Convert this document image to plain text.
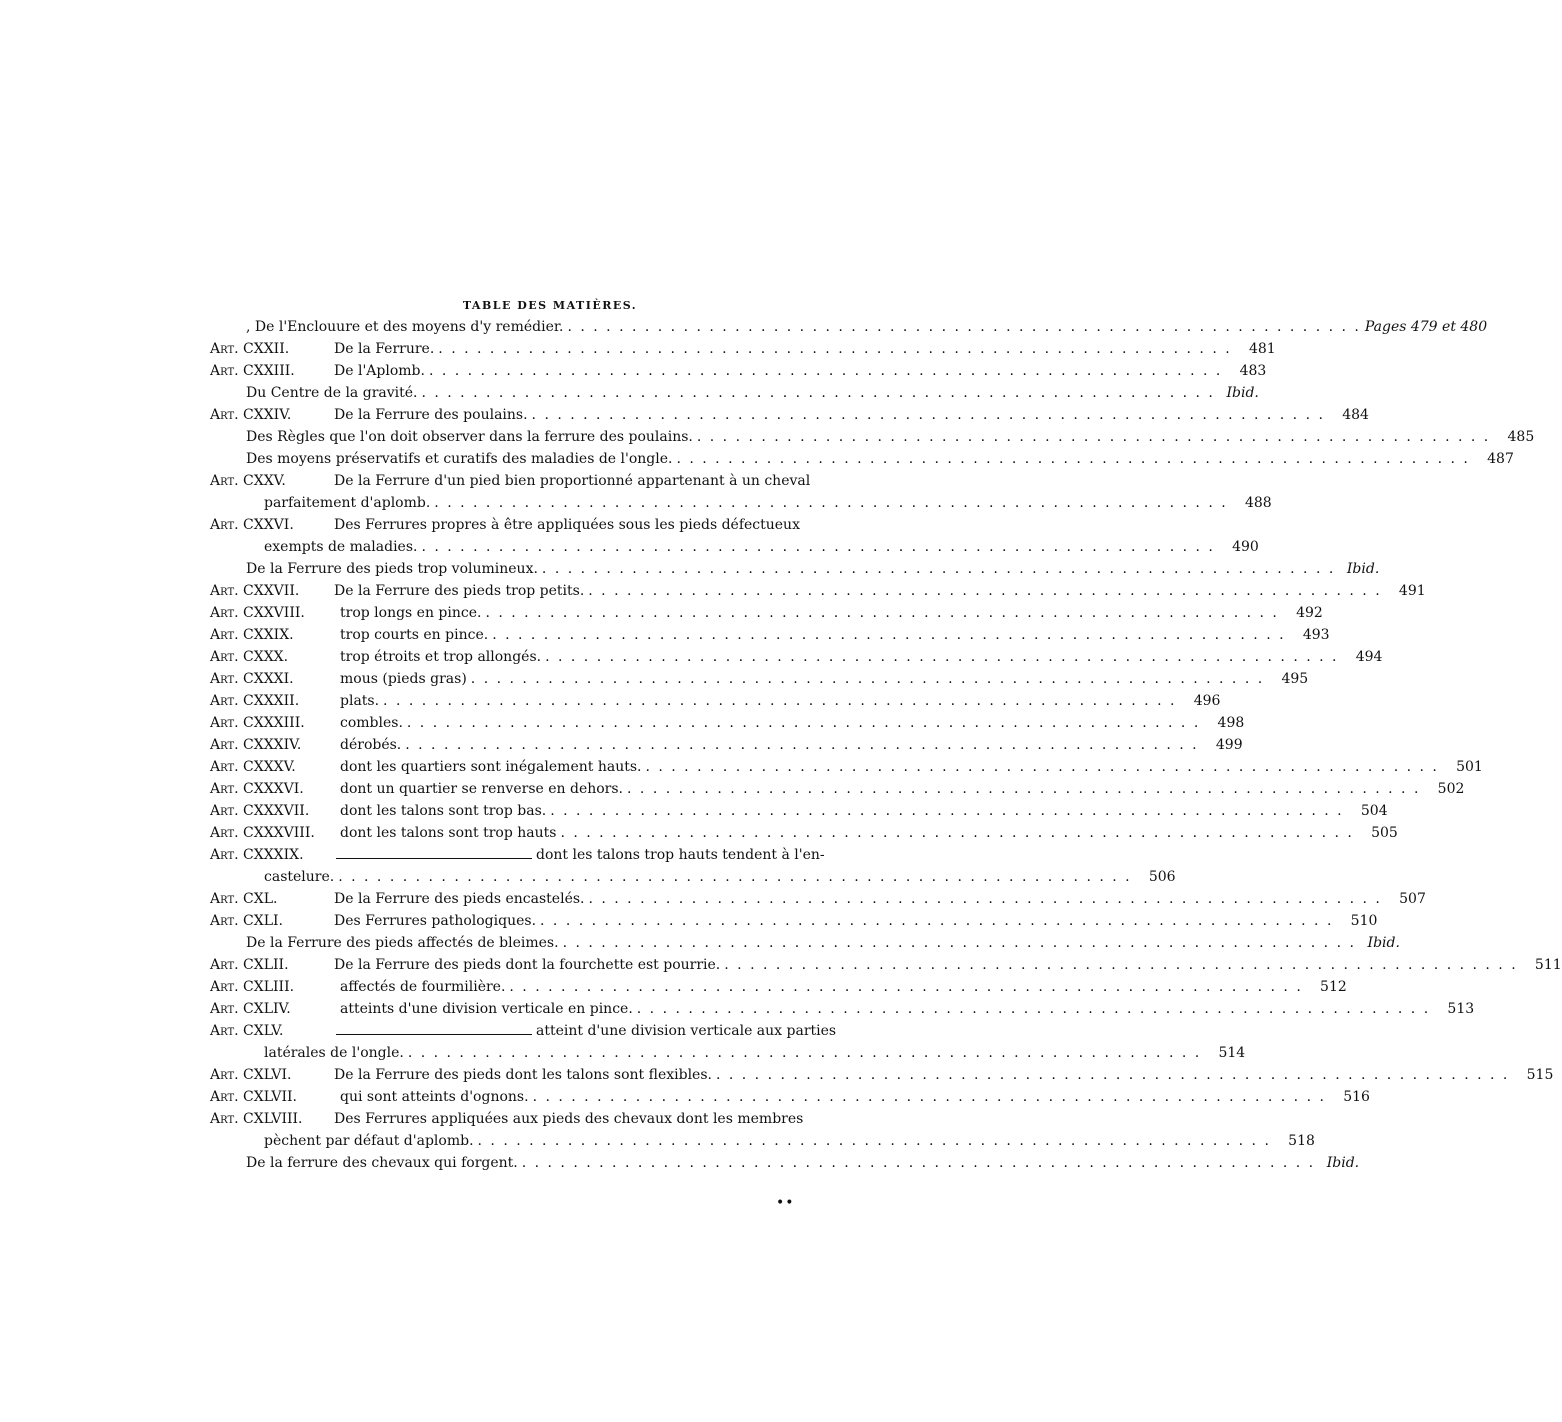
TABLE DES MATIÈRES.
, De l'Enclouure et des moyens d'y remédier. . . . . . . . . . . . . . . . . . . . . . . . . . . . . . . . . . . . . . . . . . . . . . . . . . . . . . . . . . . . . . . Pages 479 et 480
Art. CXXII.	De la Ferrure. . . . . . . . . . . . . . . . . . . . . . . . . . . . . . . . . . . . . . . . . . . . . . . . . . . . . . . . . . . . . . .	481
Art. CXXIII.	De l'Aplomb. . . . . . . . . . . . . . . . . . . . . . . . . . . . . . . . . . . . . . . . . . . . . . . . . . . . . . . . . . . . . . .	483
Du Centre de la gravité. . . . . . . . . . . . . . . . . . . . . . . . . . . . . . . . . . . . . . . . . . . . . . . . . . . . . . . . . . . . . . . Ibid.
Art. CXXIV.	De la Ferrure des poulains. . . . . . . . . . . . . . . . . . . . . . . . . . . . . . . . . . . . . . . . . . . . . . . . . . . . . . . . . . . . . . .	484
Des Règles que l'on doit observer dans la ferrure des poulains. . . . . . . . . . . . . . . . . . . . . . . . . . . . . . . . . . . . . . . . . . . . . . . . . . . . . . . . . . . . . . .	485
Des moyens préservatifs et curatifs des maladies de l'ongle. . . . . . . . . . . . . . . . . . . . . . . . . . . . . . . . . . . . . . . . . . . . . . . . . . . . . . . . . . . . . . .	487
Art. CXXV.	De la Ferrure d'un pied bien proportionné appartenant à un cheval
parfaitement d'aplomb. . . . . . . . . . . . . . . . . . . . . . . . . . . . . . . . . . . . . . . . . . . . . . . . . . . . . . . . . . . . . . .	488
Art. CXXVI.	Des Ferrures propres à être appliquées sous les pieds défectueux
exempts de maladies. . . . . . . . . . . . . . . . . . . . . . . . . . . . . . . . . . . . . . . . . . . . . . . . . . . . . . . . . . . . . . .	490
De la Ferrure des pieds trop volumineux. . . . . . . . . . . . . . . . . . . . . . . . . . . . . . . . . . . . . . . . . . . . . . . . . . . . . . . . . . . . . . . Ibid.
Art. CXXVII.	De la Ferrure des pieds trop petits. . . . . . . . . . . . . . . . . . . . . . . . . . . . . . . . . . . . . . . . . . . . . . . . . . . . . . . . . . . . . . .	491
Art. CXXVIII.	trop longs en pince. . . . . . . . . . . . . . . . . . . . . . . . . . . . . . . . . . . . . . . . . . . . . . . . . . . . . . . . . . . . . . .	492
Art. CXXIX.	trop courts en pince. . . . . . . . . . . . . . . . . . . . . . . . . . . . . . . . . . . . . . . . . . . . . . . . . . . . . . . . . . . . . . .	493
Art. CXXX.	trop étroits et trop allongés. . . . . . . . . . . . . . . . . . . . . . . . . . . . . . . . . . . . . . . . . . . . . . . . . . . . . . . . . . . . . . .	494
Art. CXXXI.	mous (pieds gras) . . . . . . . . . . . . . . . . . . . . . . . . . . . . . . . . . . . . . . . . . . . . . . . . . . . . . . . . . . . . . .	495
Art. CXXXII.	plats. . . . . . . . . . . . . . . . . . . . . . . . . . . . . . . . . . . . . . . . . . . . . . . . . . . . . . . . . . . . . . .	496
Art. CXXXIII.	combles. . . . . . . . . . . . . . . . . . . . . . . . . . . . . . . . . . . . . . . . . . . . . . . . . . . . . . . . . . . . . . .	498
Art. CXXXIV.	dérobés. . . . . . . . . . . . . . . . . . . . . . . . . . . . . . . . . . . . . . . . . . . . . . . . . . . . . . . . . . . . . . .	499
Art. CXXXV.	dont les quartiers sont inégalement hauts. . . . . . . . . . . . . . . . . . . . . . . . . . . . . . . . . . . . . . . . . . . . . . . . . . . . . . . . . . . . . . .	501
Art. CXXXVI.	dont un quartier se renverse en dehors. . . . . . . . . . . . . . . . . . . . . . . . . . . . . . . . . . . . . . . . . . . . . . . . . . . . . . . . . . . . . . .	502
Art. CXXXVII.	dont les talons sont trop bas. . . . . . . . . . . . . . . . . . . . . . . . . . . . . . . . . . . . . . . . . . . . . . . . . . . . . . . . . . . . . . .	504
Art. CXXXVIII.	dont les talons sont trop hauts . . . . . . . . . . . . . . . . . . . . . . . . . . . . . . . . . . . . . . . . . . . . . . . . . . . . . . . . . . . . . .	505
Art. CXXXIX.	dont les talons trop hauts tendent à l'en-
castelure. . . . . . . . . . . . . . . . . . . . . . . . . . . . . . . . . . . . . . . . . . . . . . . . . . . . . . . . . . . . . . .	506
Art. CXL.	De la Ferrure des pieds encastelés. . . . . . . . . . . . . . . . . . . . . . . . . . . . . . . . . . . . . . . . . . . . . . . . . . . . . . . . . . . . . . .	507
Art. CXLI.	Des Ferrures pathologiques. . . . . . . . . . . . . . . . . . . . . . . . . . . . . . . . . . . . . . . . . . . . . . . . . . . . . . . . . . . . . . .	510
De la Ferrure des pieds affectés de bleimes. . . . . . . . . . . . . . . . . . . . . . . . . . . . . . . . . . . . . . . . . . . . . . . . . . . . . . . . . . . . . . . Ibid.
Art. CXLII.	De la Ferrure des pieds dont la fourchette est pourrie. . . . . . . . . . . . . . . . . . . . . . . . . . . . . . . . . . . . . . . . . . . . . . . . . . . . . . . . . . . . . . .	511
Art. CXLIII.	affectés de fourmilière. . . . . . . . . . . . . . . . . . . . . . . . . . . . . . . . . . . . . . . . . . . . . . . . . . . . . . . . . . . . . . .	512
Art. CXLIV.	atteints d'une division verticale en pince. . . . . . . . . . . . . . . . . . . . . . . . . . . . . . . . . . . . . . . . . . . . . . . . . . . . . . . . . . . . . . .	513
Art. CXLV.	atteint d'une division verticale aux parties
latérales de l'ongle. . . . . . . . . . . . . . . . . . . . . . . . . . . . . . . . . . . . . . . . . . . . . . . . . . . . . . . . . . . . . . .	514
Art. CXLVI.	De la Ferrure des pieds dont les talons sont flexibles. . . . . . . . . . . . . . . . . . . . . . . . . . . . . . . . . . . . . . . . . . . . . . . . . . . . . . . . . . . . . . .	515
Art. CXLVII.	qui sont atteints d'ognons. . . . . . . . . . . . . . . . . . . . . . . . . . . . . . . . . . . . . . . . . . . . . . . . . . . . . . . . . . . . . . .	516
Art. CXLVIII.	Des Ferrures appliquées aux pieds des chevaux dont les membres
pèchent par défaut d'aplomb. . . . . . . . . . . . . . . . . . . . . . . . . . . . . . . . . . . . . . . . . . . . . . . . . . . . . . . . . . . . . . .	518
De la ferrure des chevaux qui forgent. . . . . . . . . . . . . . . . . . . . . . . . . . . . . . . . . . . . . . . . . . . . . . . . . . . . . . . . . . . . . . . Ibid.
••
